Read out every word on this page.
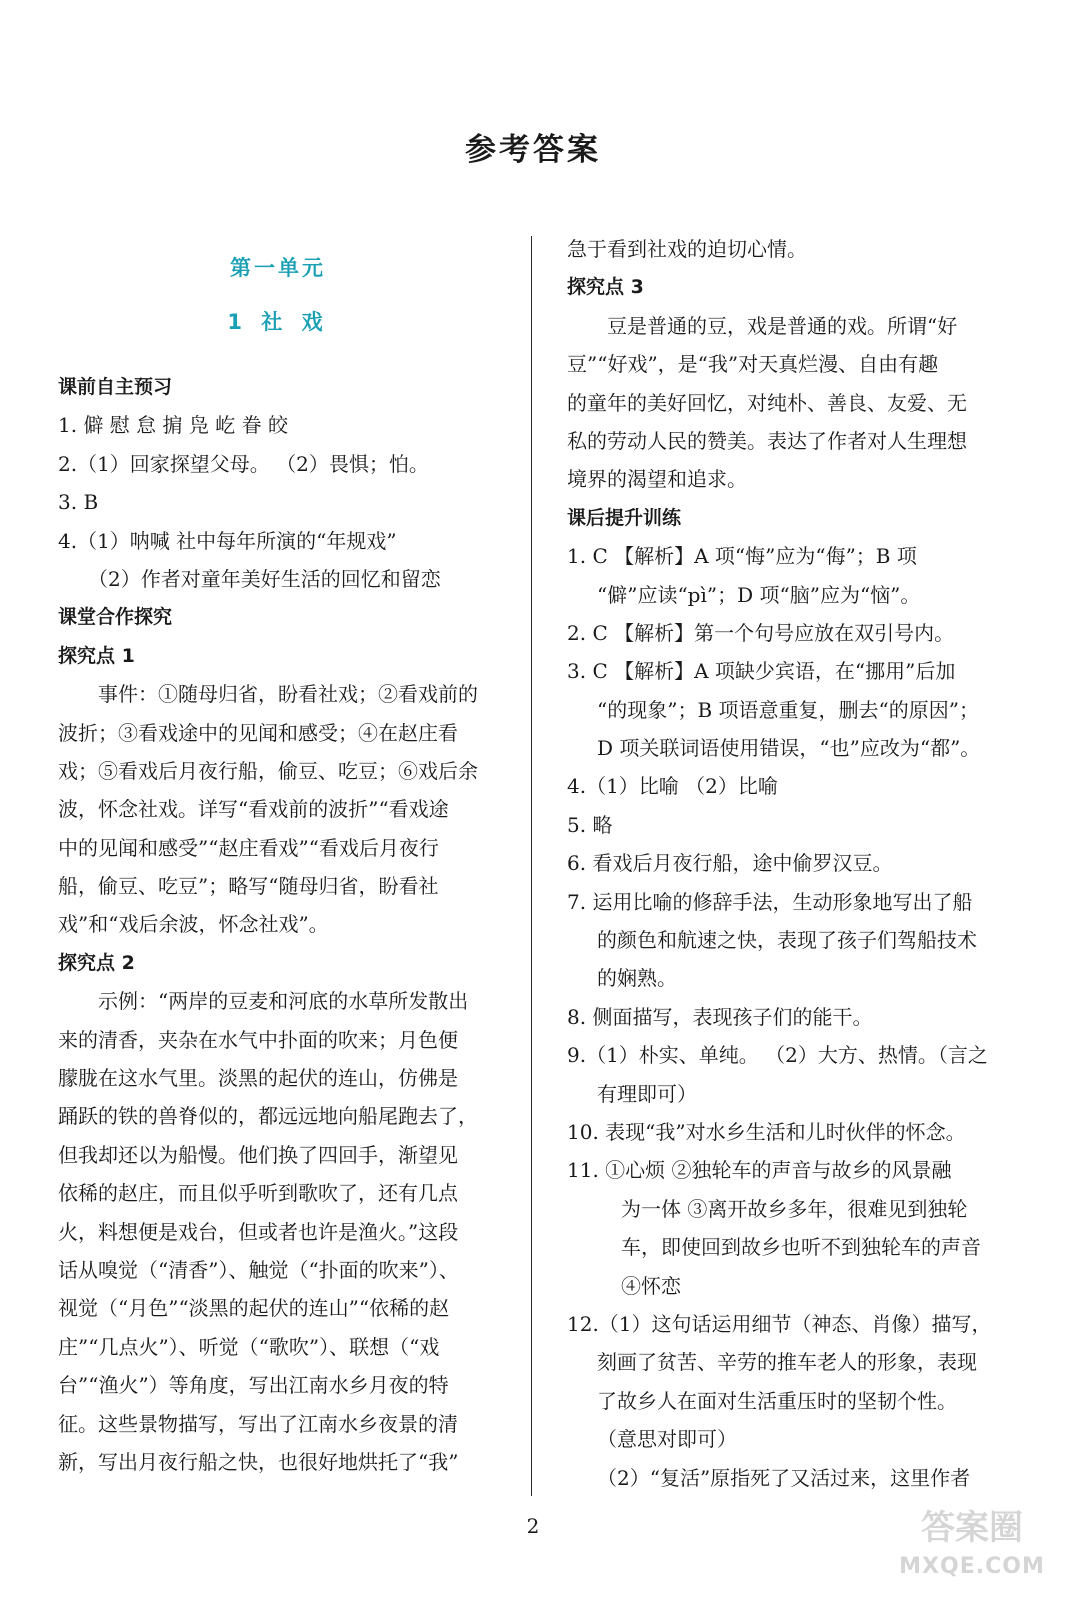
参考答案
第一单元
1 社 戏
课前自主预习
1. 僻 慰 怠 掮 凫 屹 眷 皎
2.（1）回家探望父母。 （2）畏惧；怕。
3. B
4.（1）呐喊 社中每年所演的“年规戏”
（2）作者对童年美好生活的回忆和留恋
课堂合作探究
探究点 1
事件：①随母归省，盼看社戏；②看戏前的
波折；③看戏途中的见闻和感受；④在赵庄看
戏；⑤看戏后月夜行船，偷豆、吃豆；⑥戏后余
波，怀念社戏。详写“看戏前的波折”“看戏途
中的见闻和感受”“赵庄看戏”“看戏后月夜行
船，偷豆、吃豆”；略写“随母归省，盼看社
戏”和“戏后余波，怀念社戏”。
探究点 2
示例：“两岸的豆麦和河底的水草所发散出
来的清香，夹杂在水气中扑面的吹来；月色便
朦胧在这水气里。淡黑的起伏的连山，仿佛是
踊跃的铁的兽脊似的，都远远地向船尾跑去了，
但我却还以为船慢。他们换了四回手，渐望见
依稀的赵庄，而且似乎听到歌吹了，还有几点
火，料想便是戏台，但或者也许是渔火。”这段
话从嗅觉（“清香”）、触觉（“扑面的吹来”）、
视觉（“月色”“淡黑的起伏的连山”“依稀的赵
庄”“几点火”）、听觉（“歌吹”）、联想（“戏
台”“渔火”）等角度，写出江南水乡月夜的特
征。这些景物描写，写出了江南水乡夜景的清
新，写出月夜行船之快，也很好地烘托了“我”
急于看到社戏的迫切心情。
探究点 3
豆是普通的豆，戏是普通的戏。所谓“好
豆”“好戏”，是“我”对天真烂漫、自由有趣
的童年的美好回忆，对纯朴、善良、友爱、无
私的劳动人民的赞美。表达了作者对人生理想
境界的渴望和追求。
课后提升训练
1. C 【解析】A 项“悔”应为“侮”；B 项
“僻”应读“pì”；D 项“脑”应为“恼”。
2. C 【解析】第一个句号应放在双引号内。
3. C 【解析】A 项缺少宾语，在“挪用”后加
“的现象”；B 项语意重复，删去“的原因”；
D 项关联词语使用错误，“也”应改为“都”。
4.（1）比喻 （2）比喻
5. 略
6. 看戏后月夜行船，途中偷罗汉豆。
7. 运用比喻的修辞手法，生动形象地写出了船
的颜色和航速之快，表现了孩子们驾船技术
的娴熟。
8. 侧面描写，表现孩子们的能干。
9.（1）朴实、单纯。 （2）大方、热情。（言之
有理即可）
10. 表现“我”对水乡生活和儿时伙伴的怀念。
11. ①心烦 ②独轮车的声音与故乡的风景融
为一体 ③离开故乡多年，很难见到独轮
车，即使回到故乡也听不到独轮车的声音
④怀恋
12.（1）这句话运用细节（神态、肖像）描写，
刻画了贫苦、辛劳的推车老人的形象，表现
了故乡人在面对生活重压时的坚韧个性。
（意思对即可）
（2）“复活”原指死了又活过来，这里作者
2	答案圈
MXQE.COM
